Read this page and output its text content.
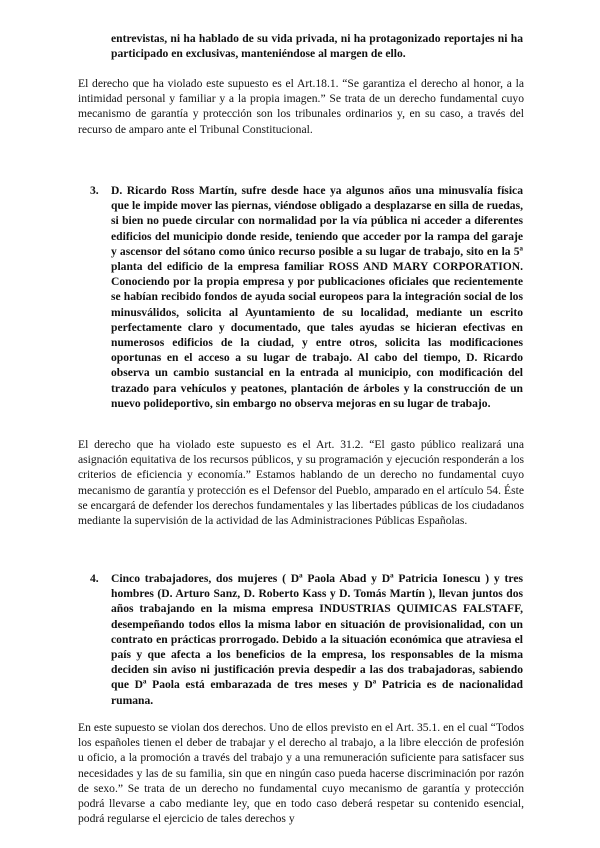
entrevistas, ni ha hablado de su vida privada, ni ha protagonizado reportajes ni ha participado en exclusivas, manteniéndose al margen de ello.
El derecho que ha violado este supuesto es el Art.18.1. “Se garantiza el derecho al honor, a la intimidad personal y familiar y a la propia imagen.” Se trata de un derecho fundamental cuyo mecanismo de garantía y protección son los tribunales ordinarios y, en su caso, a través del recurso de amparo ante el Tribunal Constitucional.
3. D. Ricardo Ross Martín, sufre desde hace ya algunos años una minusvalía física que le impide mover las piernas, viéndose obligado a desplazarse en silla de ruedas, si bien no puede circular con normalidad por la vía pública ni acceder a diferentes edificios del municipio donde reside, teniendo que acceder por la rampa del garaje y ascensor del sótano como único recurso posible a su lugar de trabajo, sito en la 5ª planta del edificio de la empresa familiar ROSS AND MARY CORPORATION. Conociendo por la propia empresa y por publicaciones oficiales que recientemente se habían recibido fondos de ayuda social europeos para la integración social de los minusválidos, solicita al Ayuntamiento de su localidad, mediante un escrito perfectamente claro y documentado, que tales ayudas se hicieran efectivas en numerosos edificios de la ciudad, y entre otros, solicita las modificaciones oportunas en el acceso a su lugar de trabajo. Al cabo del tiempo, D. Ricardo observa un cambio sustancial en la entrada al municipio, con modificación del trazado para vehículos y peatones, plantación de árboles y la construcción de un nuevo polideportivo, sin embargo no observa mejoras en su lugar de trabajo.
El derecho que ha violado este supuesto es el Art. 31.2. “El gasto público realizará una asignación equitativa de los recursos públicos, y su programación y ejecución responderán a los criterios de eficiencia y economía.” Estamos hablando de un derecho no fundamental cuyo mecanismo de garantía y protección es el Defensor del Pueblo, amparado en el artículo 54. Éste se encargará de defender los derechos fundamentales y las libertades públicas de los ciudadanos mediante la supervisión de la actividad de las Administraciones Públicas Españolas.
4. Cinco trabajadores, dos mujeres ( Dª Paola Abad y Dª Patricia Ionescu ) y tres hombres (D. Arturo Sanz, D. Roberto Kass y D. Tomás Martín ), llevan juntos dos años trabajando en la misma empresa INDUSTRIAS QUIMICAS FALSTAFF, desempeñando todos ellos la misma labor en situación de provisionalidad, con un contrato en prácticas prorrogado. Debido a la situación económica que atraviesa el país y que afecta a los beneficios de la empresa, los responsables de la misma deciden sin aviso ni justificación previa despedir a las dos trabajadoras, sabiendo que Dª Paola está embarazada de tres meses y Dª Patricia es de nacionalidad rumana.
En este supuesto se violan dos derechos. Uno de ellos previsto en el Art. 35.1. en el cual “Todos los españoles tienen el deber de trabajar y el derecho al trabajo, a la libre elección de profesión u oficio, a la promoción a través del trabajo y a una remuneración suficiente para satisfacer sus necesidades y las de su familia, sin que en ningún caso pueda hacerse discriminación por razón de sexo.” Se trata de un derecho no fundamental cuyo mecanismo de garantía y protección podrá llevarse a cabo mediante ley, que en todo caso deberá respetar su contenido esencial, podrá regularse el ejercicio de tales derechos y
